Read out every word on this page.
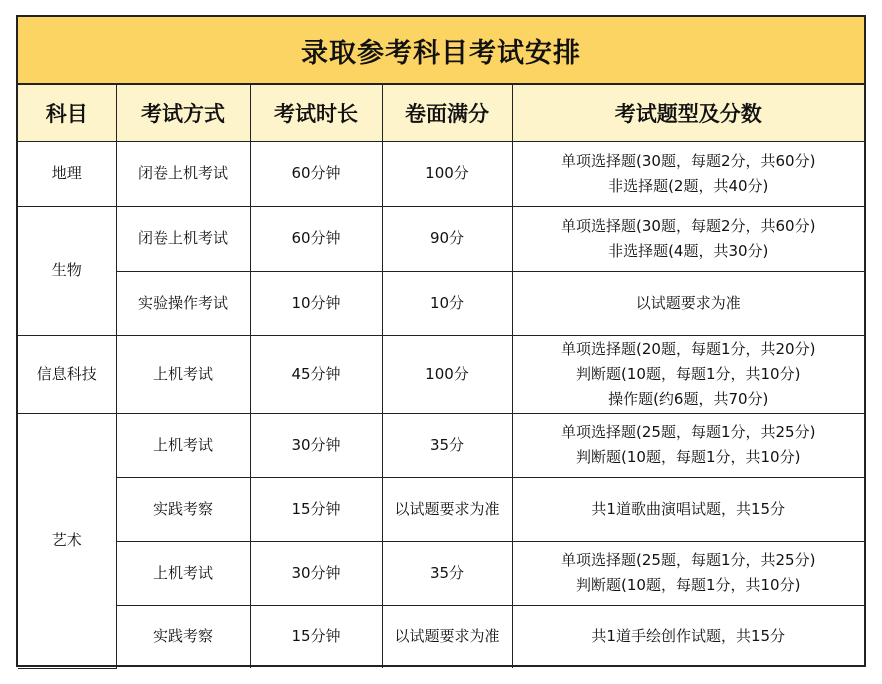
录取参考科目考试安排
科目	考试方式	考试时长	卷面满分	考试题型及分数
地理	闭卷上机考试	60分钟	100分	单项选择题(30题，每题2分，共60分)
非选择题(2题，共40分)

生物	闭卷上机考试	60分钟	90分	单项选择题(30题，每题2分，共60分)
非选择题(4题，共30分)

	实验操作考试	10分钟	10分	以试题要求为准

信息科技	上机考试	45分钟	100分	单项选择题(20题，每题1分，共20分)
判断题(10题，每题1分，共10分)
操作题(约6题，共70分)

艺术	上机考试	30分钟	35分	单项选择题(25题，每题1分，共25分)
判断题(10题，每题1分，共10分)

	实践考察	15分钟	以试题要求为准	共1道歌曲演唱试题，共15分

	上机考试	30分钟	35分	单项选择题(25题，每题1分，共25分)
判断题(10题，每题1分，共10分)

	实践考察	15分钟	以试题要求为准	共1道手绘创作试题，共15分
